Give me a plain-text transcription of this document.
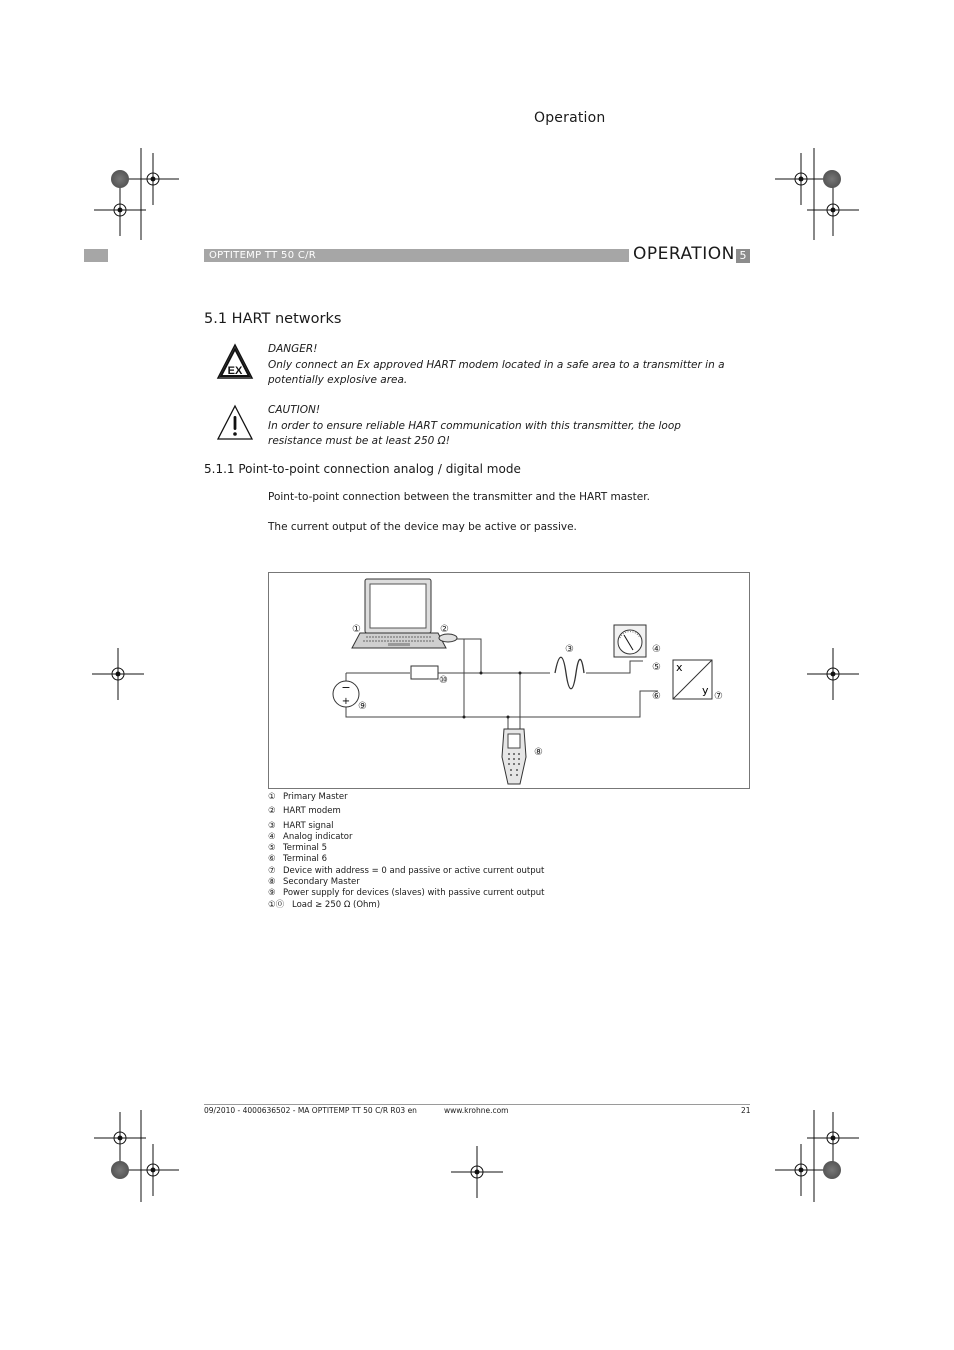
Operation
OPTITEMP TT 50 C/R	OPERATION 5
5.1 HART networks
EX
DANGER!
Only connect an Ex approved HART modem located in a safe area to a transmitter in a potentially explosive area.
CAUTION!
In order to ensure reliable HART communication with this transmitter, the loop resistance must be at least 250 Ω!
5.1.1 Point-to-point connection analog / digital mode
Point-to-point connection between the transmitter and the HART master.
The current output of the device may be active or passive.
−
+
x
y
①	②
③	④
⑤
⑥	⑦
⑧
⑨
⑩
① Primary Master
② HART modem
③ HART signal
④ Analog indicator
⑤ Terminal 5
⑥ Terminal 6
⑦ Device with address = 0 and passive or active current output
⑧ Secondary Master
⑨ Power supply for devices (slaves) with passive current output
①⓪ Load ≥ 250 Ω (Ohm)
09/2010 - 4000636502 - MA OPTITEMP TT 50 C/R R03 en	www.krohne.com	21
